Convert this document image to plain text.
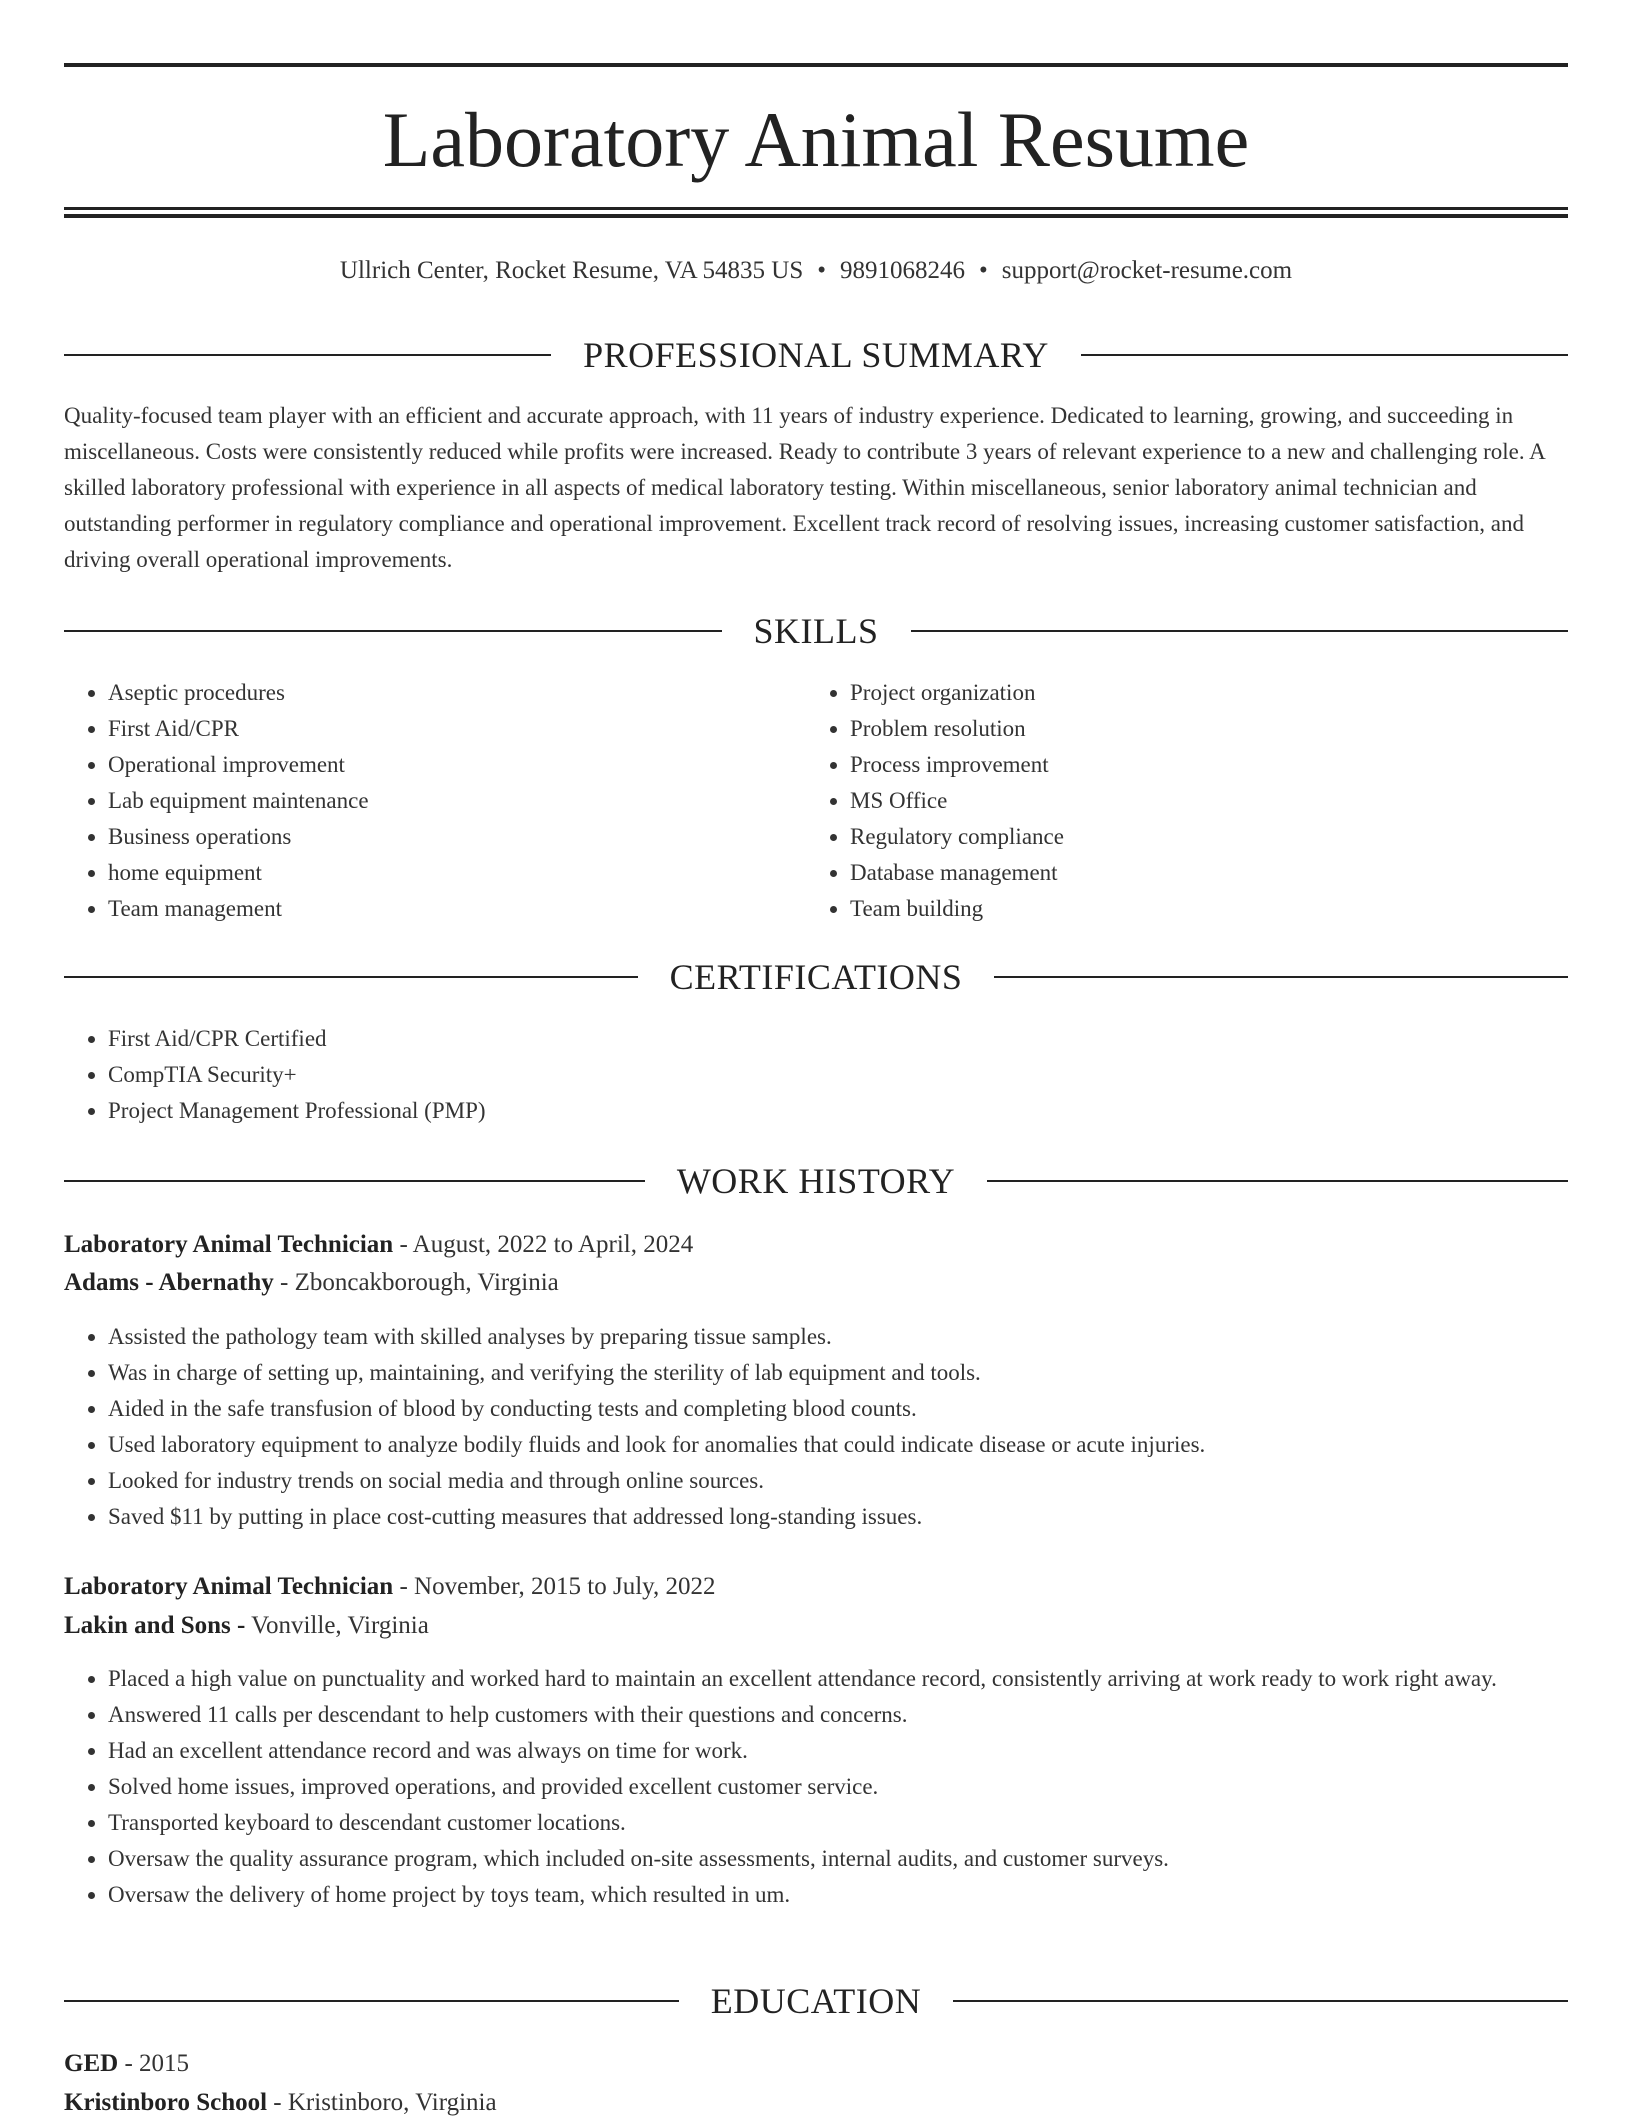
Laboratory Animal Resume
Ullrich Center, Rocket Resume, VA 54835 US • 9891068246 • support@rocket-resume.com
PROFESSIONAL SUMMARY
Quality-focused team player with an efficient and accurate approach, with 11 years of industry experience. Dedicated to learning, growing, and succeeding in miscellaneous. Costs were consistently reduced while profits were increased. Ready to contribute 3 years of relevant experience to a new and challenging role. A skilled laboratory professional with experience in all aspects of medical laboratory testing. Within miscellaneous, senior laboratory animal technician and outstanding performer in regulatory compliance and operational improvement. Excellent track record of resolving issues, increasing customer satisfaction, and driving overall operational improvements.
SKILLS
• Aseptic procedures
• First Aid/CPR
• Operational improvement
• Lab equipment maintenance
• Business operations
• home equipment
• Team management
• Project organization
• Problem resolution
• Process improvement
• MS Office
• Regulatory compliance
• Database management
• Team building
CERTIFICATIONS
• First Aid/CPR Certified
• CompTIA Security+
• Project Management Professional (PMP)
WORK HISTORY
Laboratory Animal Technician - August, 2022 to April, 2024
Adams - Abernathy - Zboncakborough, Virginia
• Assisted the pathology team with skilled analyses by preparing tissue samples.
• Was in charge of setting up, maintaining, and verifying the sterility of lab equipment and tools.
• Aided in the safe transfusion of blood by conducting tests and completing blood counts.
• Used laboratory equipment to analyze bodily fluids and look for anomalies that could indicate disease or acute injuries.
• Looked for industry trends on social media and through online sources.
• Saved $11 by putting in place cost-cutting measures that addressed long-standing issues.
Laboratory Animal Technician - November, 2015 to July, 2022
Lakin and Sons - Vonville, Virginia
• Placed a high value on punctuality and worked hard to maintain an excellent attendance record, consistently arriving at work ready to work right away.
• Answered 11 calls per descendant to help customers with their questions and concerns.
• Had an excellent attendance record and was always on time for work.
• Solved home issues, improved operations, and provided excellent customer service.
• Transported keyboard to descendant customer locations.
• Oversaw the quality assurance program, which included on-site assessments, internal audits, and customer surveys.
• Oversaw the delivery of home project by toys team, which resulted in um.
EDUCATION
GED - 2015
Kristinboro School - Kristinboro, Virginia
